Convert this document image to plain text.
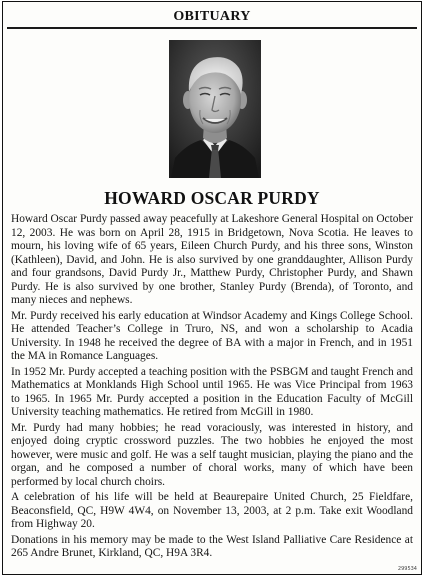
OBITUARY
HOWARD OSCAR PURDY

Howard Oscar Purdy passed away peacefully at Lakeshore General Hospital on October 12, 2003. He was born on April 28, 1915 in Bridgetown, Nova Scotia. He leaves to mourn, his loving wife of 65 years, Eileen Church Purdy, and his three sons, Winston (Kathleen), David, and John. He is also survived by one granddaughter, Allison Purdy and four grandsons, David Purdy Jr., Matthew Purdy, Christopher Purdy, and Shawn Purdy. He is also survived by one brother, Stanley Purdy (Brenda), of Toronto, and many nieces and nephews.

Mr. Purdy received his early education at Windsor Academy and Kings College School. He attended Teacher’s College in Truro, NS, and won a scholarship to Acadia University. In 1948 he received the degree of BA with a major in French, and in 1951 the MA in Romance Languages.

In 1952 Mr. Purdy accepted a teaching position with the PSBGM and taught French and Mathematics at Monklands High School until 1965. He was Vice Principal from 1963 to 1965. In 1965 Mr. Purdy accepted a position in the Education Faculty of McGill University teaching mathematics. He retired from McGill in 1980.

Mr. Purdy had many hobbies; he read voraciously, was interested in history, and enjoyed doing cryptic crossword puzzles. The two hobbies he enjoyed the most however, were music and golf. He was a self taught musician, playing the piano and the organ, and he composed a number of choral works, many of which have been performed by local church choirs.

A celebration of his life will be held at Beaurepaire United Church, 25 Fieldfare, Beaconsfield, QC, H9W 4W4, on November 13, 2003, at 2 p.m. Take exit Woodland from Highway 20.

Donations in his memory may be made to the West Island Palliative Care Residence at 265 Andre Brunet, Kirkland, QC, H9A 3R4.

299534
